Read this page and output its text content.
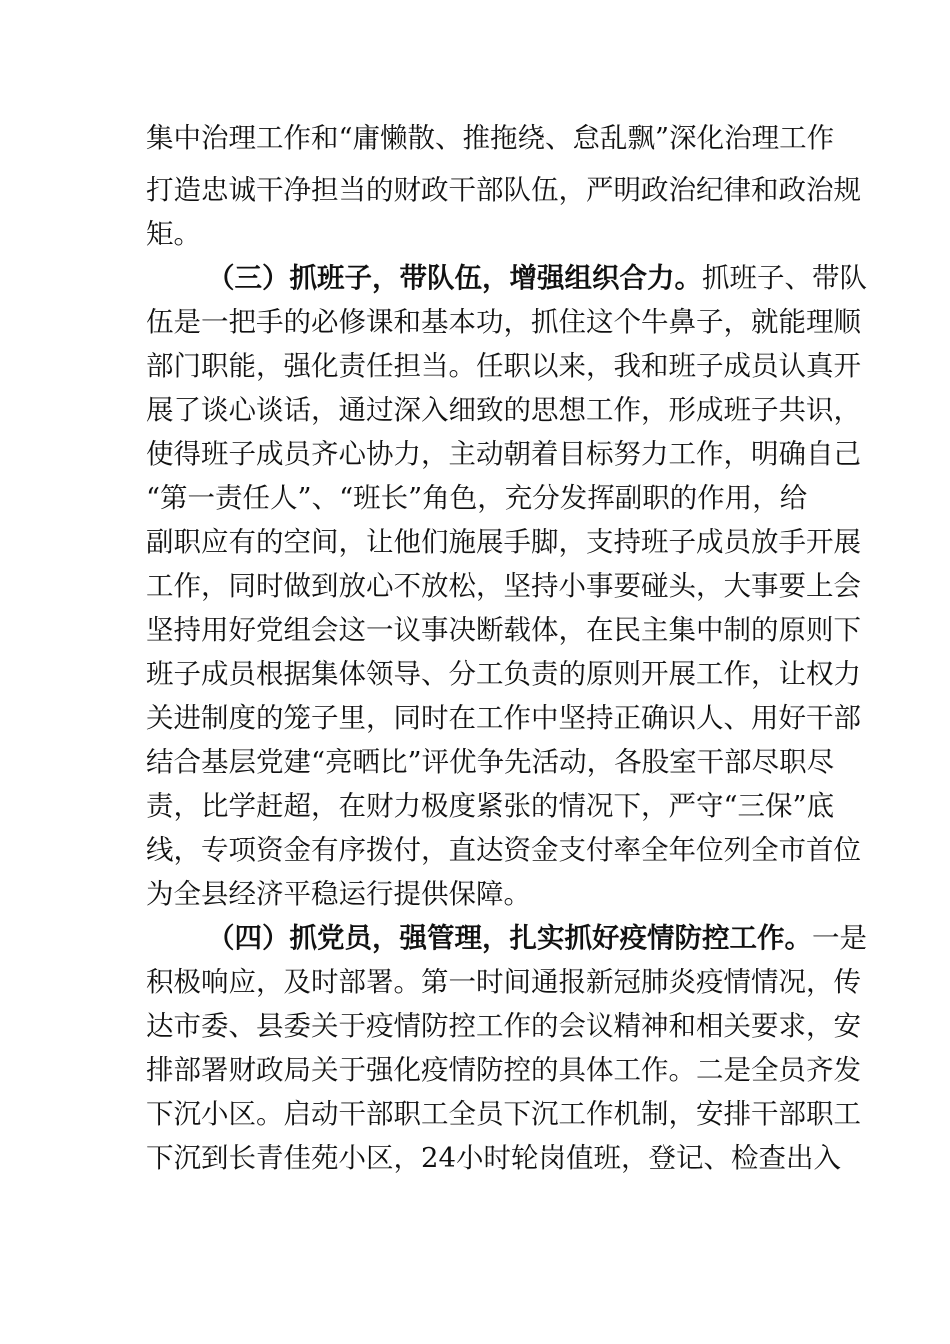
集中治理工作和“庸懒散、推拖绕、怠乱飘”深化治理工作
打造忠诚干净担当的财政干部队伍，严明政治纪律和政治规
矩。
（三）抓班子，带队伍，增强组织合力。抓班子、带队
伍是一把手的必修课和基本功，抓住这个牛鼻子，就能理顺
部门职能，强化责任担当。任职以来，我和班子成员认真开
展了谈心谈话，通过深入细致的思想工作，形成班子共识，
使得班子成员齐心协力，主动朝着目标努力工作，明确自己
“第一责任人”、“班长”角色，充分发挥副职的作用，给
副职应有的空间，让他们施展手脚，支持班子成员放手开展
工作，同时做到放心不放松，坚持小事要碰头，大事要上会
坚持用好党组会这一议事决断载体，在民主集中制的原则下
班子成员根据集体领导、分工负责的原则开展工作，让权力
关进制度的笼子里，同时在工作中坚持正确识人、用好干部
结合基层党建“亮晒比”评优争先活动，各股室干部尽职尽
责，比学赶超，在财力极度紧张的情况下，严守“三保”底
线，专项资金有序拨付，直达资金支付率全年位列全市首位
为全县经济平稳运行提供保障。
（四）抓党员，强管理，扎实抓好疫情防控工作。一是
积极响应，及时部署。第一时间通报新冠肺炎疫情情况，传
达市委、县委关于疫情防控工作的会议精神和相关要求，安
排部署财政局关于强化疫情防控的具体工作。二是全员齐发
下沉小区。启动干部职工全员下沉工作机制，安排干部职工
下沉到长青佳苑小区，24小时轮岗值班，登记、检查出入
